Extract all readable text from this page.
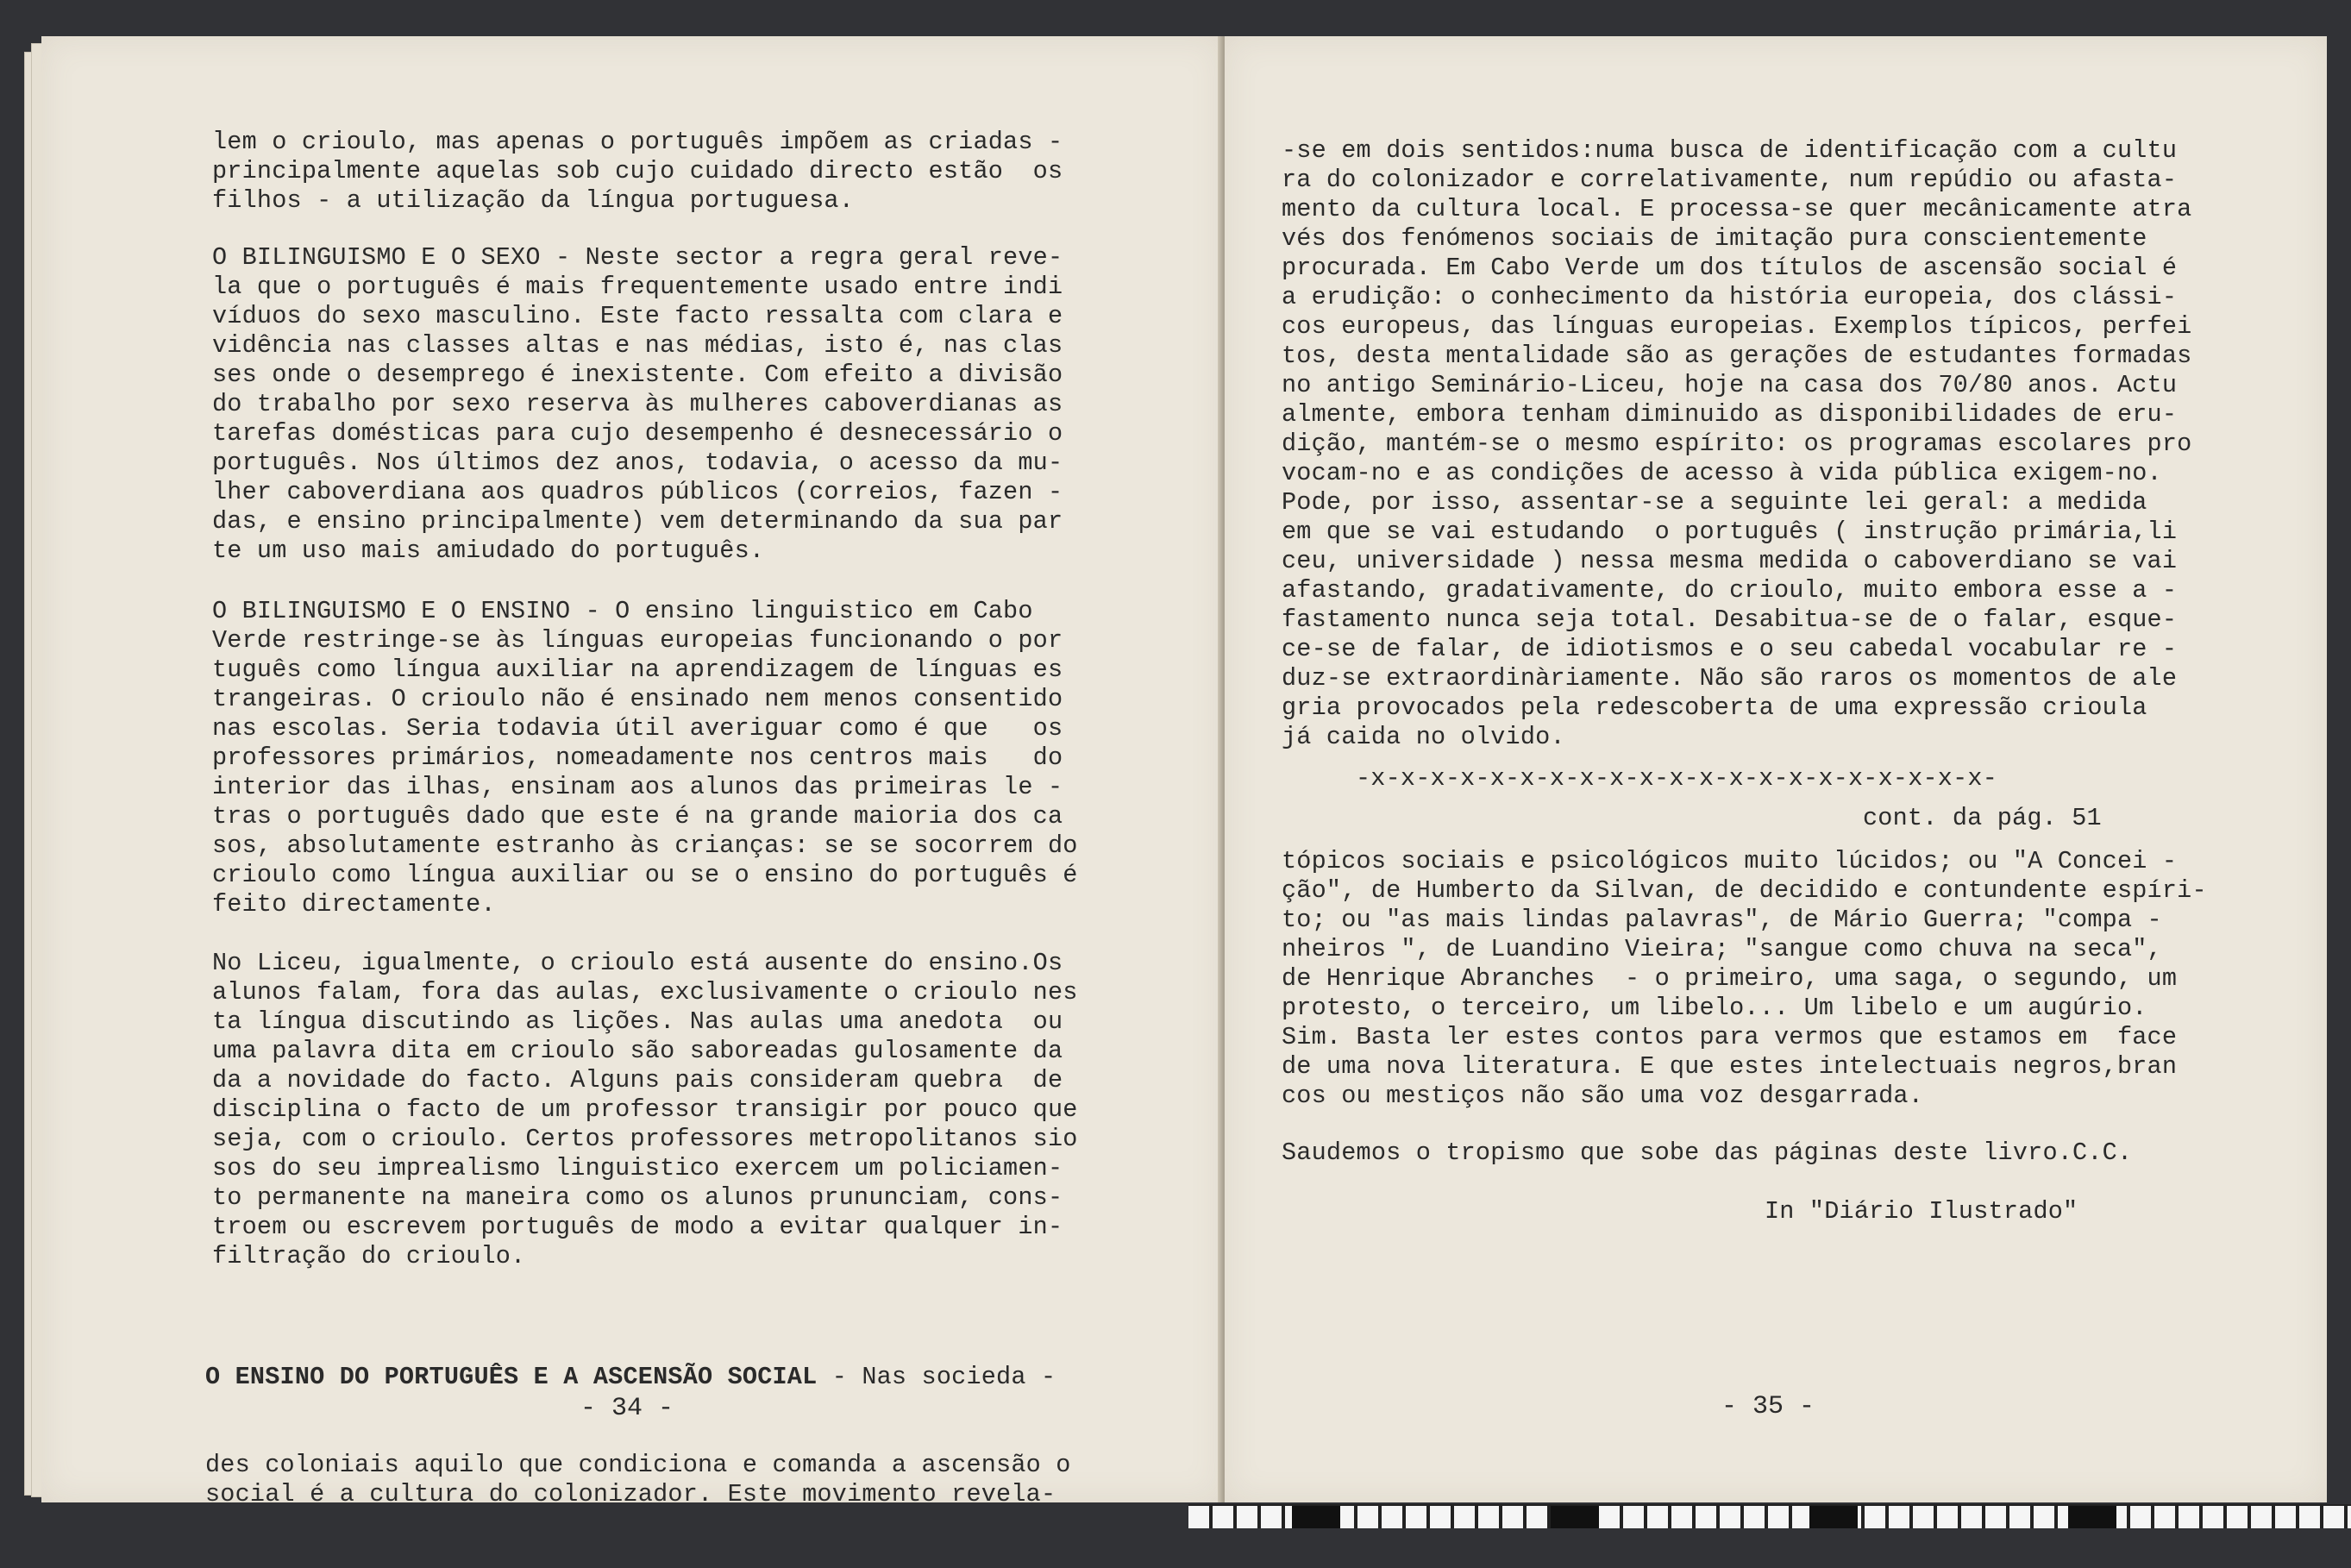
lem o crioulo, mas apenas o português impõem as criadas -
principalmente aquelas sob cujo cuidado directo estão  os
filhos - a utilização da língua portuguesa.
O BILINGUISMO E O SEXO - Neste sector a regra geral reve-
la que o português é mais frequentemente usado entre indi
víduos do sexo masculino. Este facto ressalta com clara e
vidência nas classes altas e nas médias, isto é, nas clas
ses onde o desemprego é inexistente. Com efeito a divisão
do trabalho por sexo reserva às mulheres caboverdianas as
tarefas domésticas para cujo desempenho é desnecessário o
português. Nos últimos dez anos, todavia, o acesso da mu-
lher caboverdiana aos quadros públicos (correios, fazen -
das, e ensino principalmente) vem determinando da sua par
te um uso mais amiudado do português.
O BILINGUISMO E O ENSINO - O ensino linguistico em Cabo
Verde restringe-se às línguas europeias funcionando o por
tuguês como língua auxiliar na aprendizagem de línguas es
trangeiras. O crioulo não é ensinado nem menos consentido
nas escolas. Seria todavia útil averiguar como é que   os
professores primários, nomeadamente nos centros mais   do
interior das ilhas, ensinam aos alunos das primeiras le -
tras o português dado que este é na grande maioria dos ca
sos, absolutamente estranho às crianças: se se socorrem do
crioulo como língua auxiliar ou se o ensino do português é
feito directamente.
No Liceu, igualmente, o crioulo está ausente do ensino.Os
alunos falam, fora das aulas, exclusivamente o crioulo nes
ta língua discutindo as lições. Nas aulas uma anedota  ou
uma palavra dita em crioulo são saboreadas gulosamente da
da a novidade do facto. Alguns pais consideram quebra  de
disciplina o facto de um professor transigir por pouco que
seja, com o crioulo. Certos professores metropolitanos sio
sos do seu imprealismo linguistico exercem um policiamen-
to permanente na maneira como os alunos prununciam, cons-
troem ou escrevem português de modo a evitar qualquer in-
filtração do crioulo.

O ENSINO DO PORTUGUÊS E A ASCENSÃO SOCIAL - Nas socieda -

des coloniais aquilo que condiciona e comanda a ascensão o
social é a cultura do colonizador. Este movimento revela-

- 34 -
-se em dois sentidos:numa busca de identificação com a cultu
ra do colonizador e correlativamente, num repúdio ou afasta-
mento da cultura local. E processa-se quer mecânicamente atra
vés dos fenómenos sociais de imitação pura conscientemente
procurada. Em Cabo Verde um dos títulos de ascensão social é
a erudição: o conhecimento da história europeia, dos clássi-
cos europeus, das línguas europeias. Exemplos típicos, perfei
tos, desta mentalidade são as gerações de estudantes formadas
no antigo Seminário-Liceu, hoje na casa dos 70/80 anos. Actu
almente, embora tenham diminuido as disponibilidades de eru-
dição, mantém-se o mesmo espírito: os programas escolares pro
vocam-no e as condições de acesso à vida pública exigem-no.
Pode, por isso, assentar-se a seguinte lei geral: a medida
em que se vai estudando  o português ( instrução primária,li
ceu, universidade ) nessa mesma medida o caboverdiano se vai
afastando, gradativamente, do crioulo, muito embora esse a -
fastamento nunca seja total. Desabitua-se de o falar, esque-
ce-se de falar, de idiotismos e o seu cabedal vocabular re -
duz-se extraordinàriamente. Não são raros os momentos de ale
gria provocados pela redescoberta de uma expressão crioula
já caida no olvido.
-x-x-x-x-x-x-x-x-x-x-x-x-x-x-x-x-x-x-x-x-x-
cont. da pág. 51
tópicos sociais e psicológicos muito lúcidos; ou "A Concei -
ção", de Humberto da Silvan, de decidido e contundente espíri-
to; ou "as mais lindas palavras", de Mário Guerra; "compa -
nheiros ", de Luandino Vieira; "sangue como chuva na seca",
de Henrique Abranches  - o primeiro, uma saga, o segundo, um
protesto, o terceiro, um libelo... Um libelo e um augúrio.
Sim. Basta ler estes contos para vermos que estamos em  face
de uma nova literatura. E que estes intelectuais negros,bran
cos ou mestiços não são uma voz desgarrada.
Saudemos o tropismo que sobe das páginas deste livro.C.C.
In "Diário Ilustrado"
- 35 -
